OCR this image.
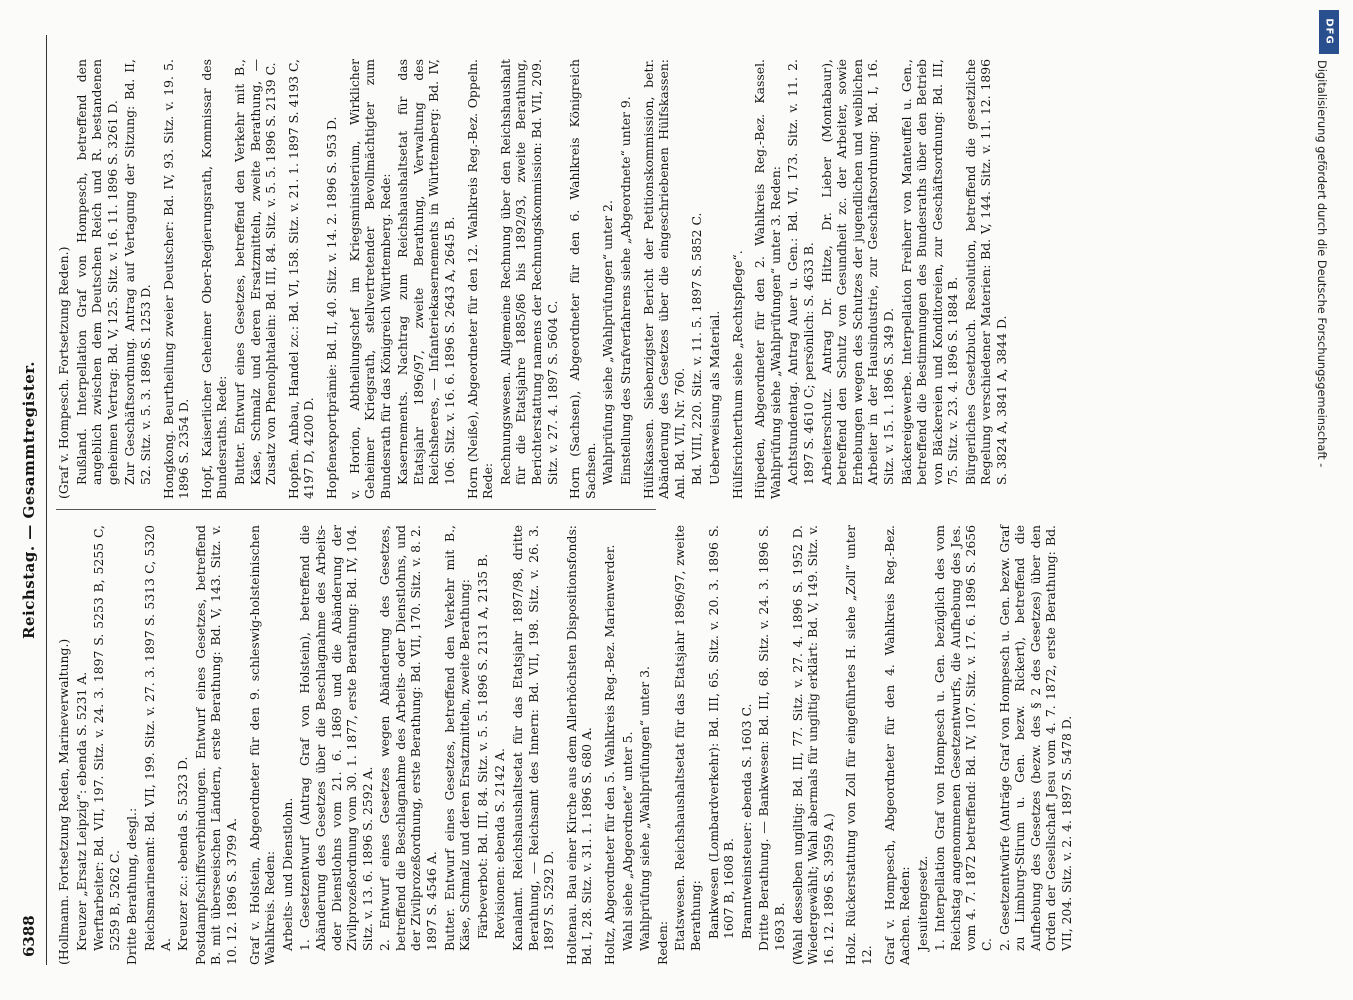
6388
Reichstag. — Gesammtregister.

(Hollmann. Fortsetzung Reden, Marineverwaltung.) Kreuzer „Ersatz Leipzig“: ebenda S. 5231 A. Werftarbeiter: Bd. VII, 197. Sitz. v. 24. 3. 1897 S. 5253 B, 5255 C, 5259 B, 5262 C. Dritte Berathung, desgl.: Reichsmarineamt: Bd. VII, 199. Sitz. v. 27. 3. 1897 S. 5313 C, 5320 A. Kreuzer zc.: ebenda S. 5323 D. Postdampfschiffsverbindungen. Entwurf eines Gesetzes, betreffend B. mit überseeischen Ländern, erste Berathung: Bd. V, 143. Sitz. v. 10. 12. 1896 S. 3799 A. Graf v. Holstein, Abgeordneter für den 9. schleswig-holsteinischen Wahlkreis. Reden: Arbeits- und Dienstlohn. 1. Gesetzentwurf (Antrag Graf von Holstein), betreffend die Abänderung des Gesetzes über die Beschlagnahme des Arbeits- oder Dienstlohns vom 21. 6. 1869 und die Abänderung der Zivilprozeßordnung vom 30. 1. 1877, erste Berathung: Bd. IV, 104. Sitz. v. 13. 6. 1896 S. 2592 A. 2. Entwurf eines Gesetzes wegen Abänderung des Gesetzes, betreffend die Beschlagnahme des Arbeits- oder Dienstlohns, und der Zivilprozeßordnung, erste Berathung: Bd. VII, 170. Sitz. v. 8. 2. 1897 S. 4546 A. Butter. Entwurf eines Gesetzes, betreffend den Verkehr mit B., Käse, Schmalz und deren Ersatzmitteln, zweite Berathung: Färbeverbot: Bd. III, 84. Sitz. v. 5. 5. 1896 S. 2131 A, 2135 B. Revisionen: ebenda S. 2142 A. Kanalamt. Reichshaushaltsetat für das Etatsjahr 1897/98, dritte Berathung, — Reichsamt des Innern: Bd. VII, 198. Sitz. v. 26. 3. 1897 S. 5292 D. Holtenau. Bau einer Kirche aus dem Allerhöchsten Dispositionsfonds: Bd. I, 28. Sitz. v. 31. 1. 1896 S. 680 A. Holtz, Abgeordneter für den 5. Wahlkreis Reg.-Bez. Marienwerder. Wahl siehe „Abgeordnete“ unter 5. Wahlprüfung siehe „Wahlprüfungen“ unter 3. Reden: Etatswesen. Reichshaushaltsetat für das Etatsjahr 1896/97, zweite Berathung: Bankwesen (Lombardverkehr): Bd. III, 65. Sitz. v. 20. 3. 1896 S. 1607 B, 1608 B. Branntweinsteuer: ebenda S. 1603 C. Dritte Berathung. — Bankwesen: Bd. III, 68. Sitz. v. 24. 3. 1896 S. 1693 B. (Wahl desselben ungiltig: Bd. III, 77. Sitz. v. 27. 4. 1896 S. 1952 D. Wiedergewählt; Wahl abermals für ungiltig erklärt: Bd. V, 149. Sitz. v. 16. 12. 1896 S. 3959 A.) Holz. Rückerstattung von Zoll für eingeführtes H. siehe „Zoll“ unter 12. Graf v. Hompesch, Abgeordneter für den 4. Wahlkreis Reg.-Bez. Aachen. Reden: Jesuitengesetz. 1. Interpellation Graf von Hompesch u. Gen. bezüglich des vom Reichstag angenommenen Gesetzentwurfs, die Aufhebung des Jes. vom 4. 7. 1872 betreffend: Bd. IV, 107. Sitz. v. 17. 6. 1896 S. 2656 C. 2. Gesetzentwürfe (Anträge Graf von Hompesch u. Gen. bezw. Graf zu Limburg-Stirum u. Gen. bezw. Rickert), betreffend die Aufhebung des Gesetzes (bezw. des § 2 des Gesetzes) über den Orden der Gesellschaft Jesu vom 4. 7. 1872, erste Berathung: Bd. VII, 204. Sitz. v. 2. 4. 1897 S. 5478 D.

(Graf v. Hompesch. Fortsetzung Reden.) Rußland. Interpellation Graf von Hompesch, betreffend den angeblich zwischen dem Deutschen Reich und R. bestandenen geheimen Vertrag: Bd. V, 125. Sitz. v. 16. 11. 1896 S. 3261 D. Zur Geschäftsordnung. Antrag auf Vertagung der Sitzung: Bd. II, 52. Sitz. v. 5. 3. 1896 S. 1253 D. Hongkong. Beurtheilung zweier Deutscher: Bd. IV, 93. Sitz. v. 19. 5. 1896 S. 2354 D. Hopf, Kaiserlicher Geheimer Ober-Regierungsrath, Kommissar des Bundesraths. Rede: Butter. Entwurf eines Gesetzes, betreffend den Verkehr mit B., Käse, Schmalz und deren Ersatzmitteln, zweite Berathung, — Zusatz von Phenolphtalein: Bd. III, 84. Sitz. v. 5. 5. 1896 S. 2139 C. Hopfen. Anbau, Handel zc.: Bd. VI, 158. Sitz. v. 21. 1. 1897 S. 4193 C, 4197 D, 4200 D. Hopfenexportprämie: Bd. II, 40. Sitz. v. 14. 2. 1896 S. 953 D. v. Horion, Abtheilungschef im Kriegsministerium, Wirklicher Geheimer Kriegsrath, stellvertretender Bevollmächtigter zum Bundesrath für das Königreich Württemberg. Rede: Kasernements. Nachtrag zum Reichshaushaltsetat für das Etatsjahr 1896/97, zweite Berathung, Verwaltung des Reichsheeres, — Infanteriekasernements in Württemberg: Bd. IV, 106. Sitz. v. 16. 6. 1896 S. 2643 A, 2645 B. Horn (Neiße), Abgeordneter für den 12. Wahlkreis Reg.-Bez. Oppeln. Rede: Rechnungswesen. Allgemeine Rechnung über den Reichshaushalt für die Etatsjahre 1885/86 bis 1892/93, zweite Berathung, Berichterstattung namens der Rechnungskommission: Bd. VII, 209. Sitz. v. 27. 4. 1897 S. 5604 C. Horn (Sachsen), Abgeordneter für den 6. Wahlkreis Königreich Sachsen. Wahlprüfung siehe „Wahlprüfungen“ unter 2. Einstellung des Strafverfahrens siehe „Abgeordnete“ unter 9. Hülfskassen. Siebenzigster Bericht der Petitionskommission, betr. Abänderung des Gesetzes über die eingeschriebenen Hülfskassen: Anl. Bd. VII, Nr. 760. Bd. VIII, 220. Sitz. v. 11. 5. 1897 S. 5852 C. Ueberweisung als Material. Hülfsrichterthum siehe „Rechtspflege“. Hüpeden, Abgeordneter für den 2. Wahlkreis Reg.-Bez. Kassel. Wahlprüfung siehe „Wahlprüfungen“ unter 3. Reden: Achtstundentag. Antrag Auer u. Gen.: Bd. VI, 173. Sitz. v. 11. 2. 1897 S. 4610 C; persönlich: S. 4633 B. Arbeiterschutz. Antrag Dr. Hitze, Dr. Lieber (Montabaur), betreffend den Schutz von Gesundheit zc. der Arbeiter, sowie Erhebungen wegen des Schutzes der jugendlichen und weiblichen Arbeiter in der Hausindustrie, zur Geschäftsordnung: Bd. I, 16. Sitz. v. 15. 1. 1896 S. 349 D. Bäckereigewerbe. Interpellation Freiherr von Manteuffel u. Gen., betreffend die Bestimmungen des Bundesraths über den Betrieb von Bäckereien und Konditoreien, zur Geschäftsordnung: Bd. III, 75. Sitz. v. 23. 4. 1896 S. 1884 B. Bürgerliches Gesetzbuch. Resolution, betreffend die gesetzliche Regelung verschiedener Materien: Bd. V, 144. Sitz. v. 11. 12. 1896 S. 3824 A, 3841 A, 3844 D.

DFG
Digitalisierung gefördert durch die Deutsche Forschungsgemeinschaft -
